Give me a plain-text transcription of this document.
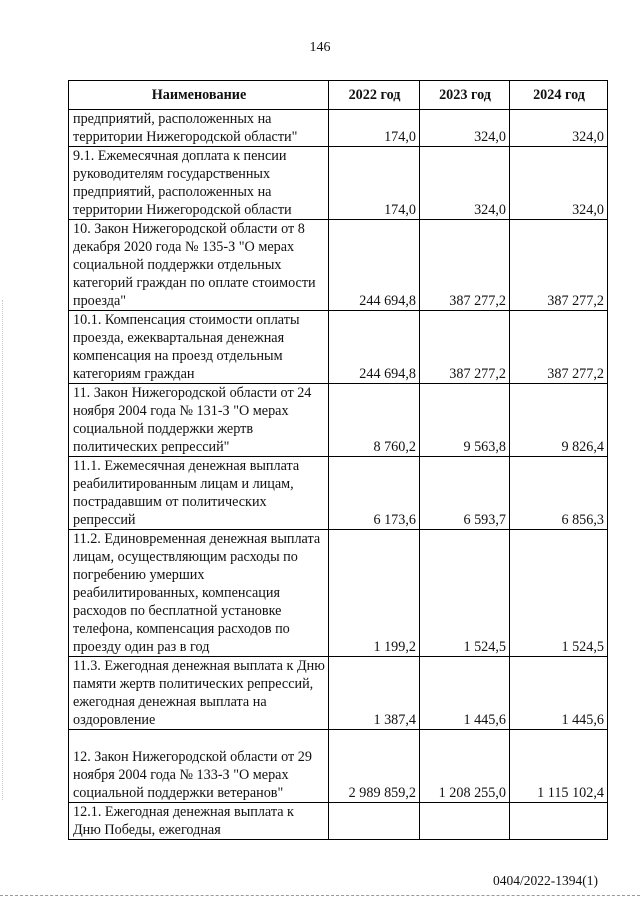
146
Наименование	2022 год	2023 год	2024 год
предприятий, расположенных на территории Нижегородской области"	174,0	324,0	324,0
9.1. Ежемесячная доплата к пенсии руководителям государственных предприятий, расположенных на территории Нижегородской области	174,0	324,0	324,0
10. Закон Нижегородской области от 8 декабря 2020 года № 135-З "О мерах социальной поддержки отдельных категорий граждан по оплате стоимости проезда"	244 694,8	387 277,2	387 277,2
10.1. Компенсация стоимости оплаты проезда, ежеквартальная денежная компенсация на проезд отдельным категориям граждан	244 694,8	387 277,2	387 277,2
11. Закон Нижегородской области от 24 ноября 2004 года № 131-З "О мерах социальной поддержки жертв политических репрессий"	8 760,2	9 563,8	9 826,4
11.1. Ежемесячная денежная выплата реабилитированным лицам и лицам, пострадавшим от политических репрессий	6 173,6	6 593,7	6 856,3
11.2. Единовременная денежная выплата лицам, осуществляющим расходы по погребению умерших реабилитированных, компенсация расходов по бесплатной установке телефона, компенсация расходов по проезду один раз в год	1 199,2	1 524,5	1 524,5
11.3. Ежегодная денежная выплата к Дню памяти жертв политических репрессий, ежегодная денежная выплата на оздоровление	1 387,4	1 445,6	1 445,6
12. Закон Нижегородской области от 29 ноября 2004 года № 133-З "О мерах социальной поддержки ветеранов"	2 989 859,2	1 208 255,0	1 115 102,4
12.1. Ежегодная денежная выплата к Дню Победы, ежегодная			
0404/2022-1394(1)
